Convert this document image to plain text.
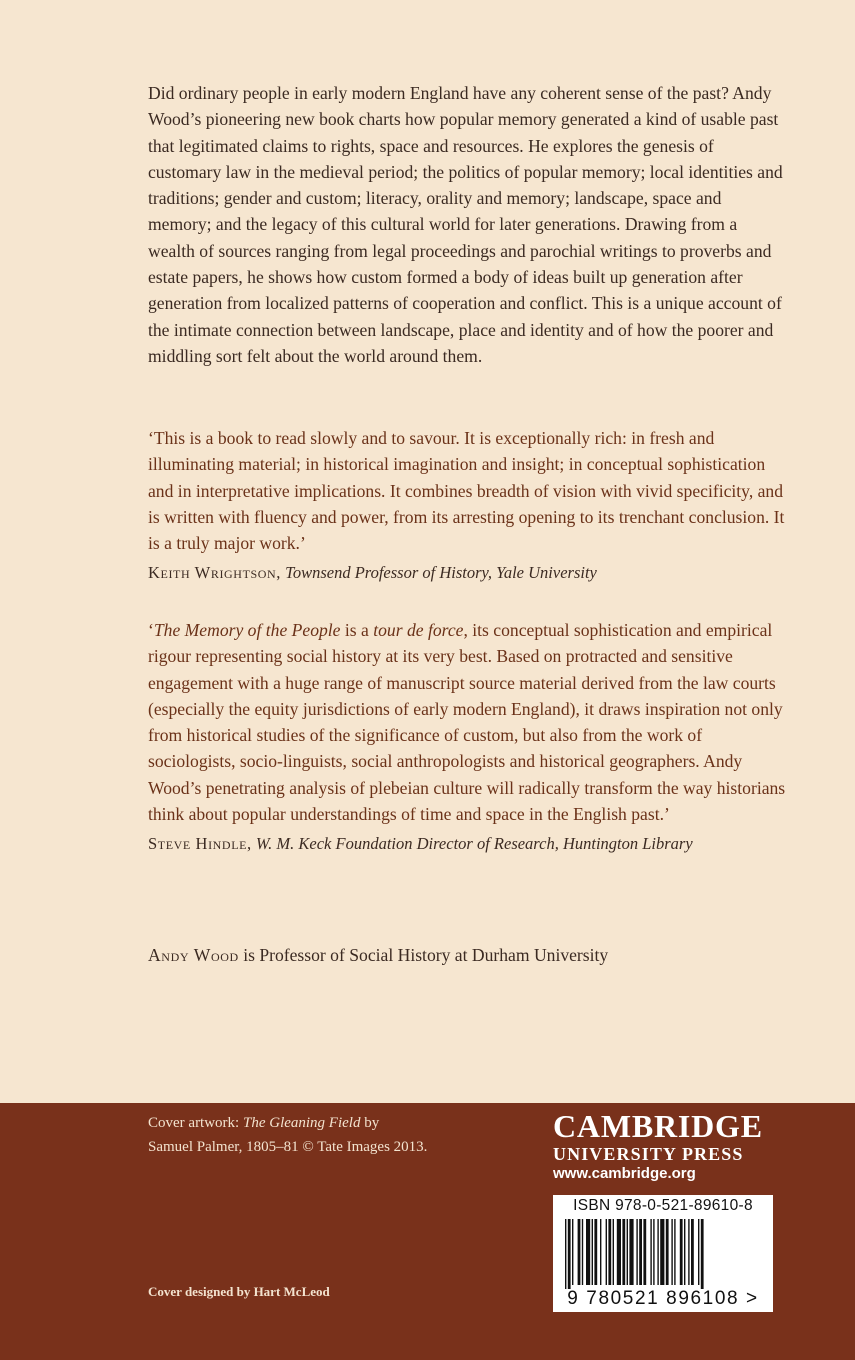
Did ordinary people in early modern England have any coherent sense of the past? Andy Wood’s pioneering new book charts how popular memory generated a kind of usable past that legitimated claims to rights, space and resources. He explores the genesis of customary law in the medieval period; the politics of popular memory; local identities and traditions; gender and custom; literacy, orality and memory; landscape, space and memory; and the legacy of this cultural world for later generations. Drawing from a wealth of sources ranging from legal proceedings and parochial writings to proverbs and estate papers, he shows how custom formed a body of ideas built up generation after generation from localized patterns of cooperation and conflict. This is a unique account of the intimate connection between landscape, place and identity and of how the poorer and middling sort felt about the world around them.

‘This is a book to read slowly and to savour. It is exceptionally rich: in fresh and illuminating material; in historical imagination and insight; in conceptual sophistication and in interpretative implications. It combines breadth of vision with vivid specificity, and is written with fluency and power, from its arresting opening to its trenchant conclusion. It is a truly major work.’

Keith Wrightson, Townsend Professor of History, Yale University

‘The Memory of the People is a tour de force, its conceptual sophistication and empirical rigour representing social history at its very best. Based on protracted and sensitive engagement with a huge range of manuscript source material derived from the law courts (especially the equity jurisdictions of early modern England), it draws inspiration not only from historical studies of the significance of custom, but also from the work of sociologists, socio-linguists, social anthropologists and historical geographers. Andy Wood’s penetrating analysis of plebeian culture will radically transform the way historians think about popular understandings of time and space in the English past.’

Steve Hindle, W. M. Keck Foundation Director of Research, Huntington Library

Andy Wood is Professor of Social History at Durham University

Cover artwork: The Gleaning Field by
Samuel Palmer, 1805–81 © Tate Images 2013.

Cover designed by Hart McLeod

CAMBRIDGE
UNIVERSITY PRESS
www.cambridge.org
ISBN 978-0-521-89610-8
9 780521 896108 >
